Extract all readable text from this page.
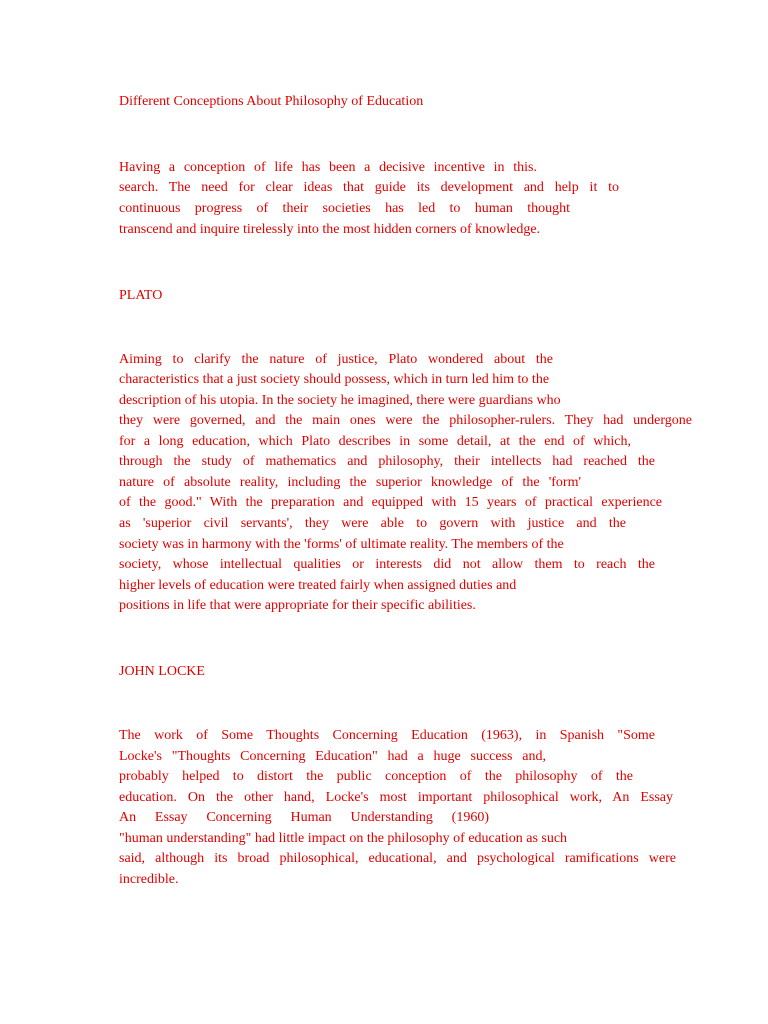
Different Conceptions About Philosophy of Education

Having a conception of life has been a decisive incentive in this.

search. The need for clear ideas that guide its development and help it to

continuous progress of their societies has led to human thought

transcend and inquire tirelessly into the most hidden corners of knowledge.

PLATO

Aiming to clarify the nature of justice, Plato wondered about the

characteristics that a just society should possess, which in turn led him to the

description of his utopia. In the society he imagined, there were guardians who

they were governed, and the main ones were the philosopher-rulers. They had undergone

for a long education, which Plato describes in some detail, at the end of which,

through the study of mathematics and philosophy, their intellects had reached the

nature of absolute reality, including the superior knowledge of the 'form'

of the good." With the preparation and equipped with 15 years of practical experience

as 'superior civil servants', they were able to govern with justice and the

society was in harmony with the 'forms' of ultimate reality. The members of the

society, whose intellectual qualities or interests did not allow them to reach the

higher levels of education were treated fairly when assigned duties and

positions in life that were appropriate for their specific abilities.

JOHN LOCKE

The work of Some Thoughts Concerning Education (1963), in Spanish "Some

Locke's "Thoughts Concerning Education" had a huge success and,

probably helped to distort the public conception of the philosophy of the

education. On the other hand, Locke's most important philosophical work, An Essay

An Essay Concerning Human Understanding (1960)

"human understanding" had little impact on the philosophy of education as such

said, although its broad philosophical, educational, and psychological ramifications were

incredible.
